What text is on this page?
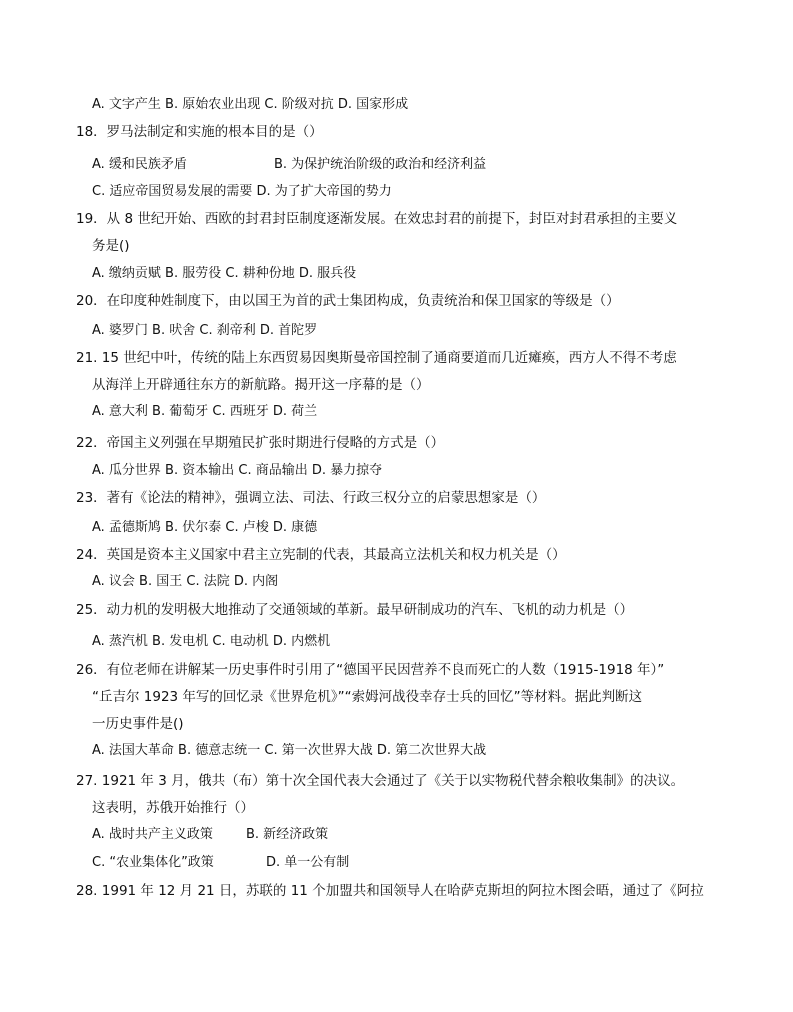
A. 文字产生 B. 原始农业出现 C. 阶级对抗 D. 国家形成
18．罗马法制定和实施的根本目的是（）
A. 缓和民族矛盾	B. 为保护统治阶级的政治和经济利益
C. 适应帝国贸易发展的需要 D. 为了扩大帝国的势力
19．从 8 世纪开始、西欧的封君封臣制度逐渐发展。在效忠封君的前提下，封臣对封君承担的主要义
务是()
A. 缴纳贡赋 B. 服劳役 C. 耕种份地 D. 服兵役
20．在印度种姓制度下，由以国王为首的武士集团构成，负责统治和保卫国家的等级是（）
A. 婆罗门 B. 吠舍 C. 刹帝利 D. 首陀罗
21. 15 世纪中叶，传统的陆上东西贸易因奥斯曼帝国控制了通商要道而几近瘫痪，西方人不得不考虑
从海洋上开辟通往东方的新航路。揭开这一序幕的是（）
A. 意大利 B. 葡萄牙 C. 西班牙 D. 荷兰
22．帝国主义列强在早期殖民扩张时期进行侵略的方式是（）
A. 瓜分世界 B. 资本输出 C. 商品输出 D. 暴力掠夺
23．著有《论法的精神》，强调立法、司法、行政三权分立的启蒙思想家是（）
A. 孟德斯鸠 B. 伏尔泰 C. 卢梭 D. 康德
24．英国是资本主义国家中君主立宪制的代表，其最高立法机关和权力机关是（）
A. 议会 B. 国王 C. 法院 D. 内阁
25．动力机的发明极大地推动了交通领域的革新。最早研制成功的汽车、飞机的动力机是（）
A. 蒸汽机 B. 发电机 C. 电动机 D. 内燃机
26．有位老师在讲解某一历史事件时引用了“德国平民因营养不良而死亡的人数（1915-1918 年）”
“丘吉尔 1923 年写的回忆录《世界危机》”“索姆河战役幸存士兵的回忆”等材料。据此判断这
一历史事件是()
A. 法国大革命 B. 德意志统一 C. 第一次世界大战 D. 第二次世界大战
27. 1921 年 3 月，俄共（布）第十次全国代表大会通过了《关于以实物税代替余粮收集制》的决议。
这表明，苏俄开始推行（）
A. 战时共产主义政策	B. 新经济政策
C. “农业集体化”政策	D. 单一公有制
28. 1991 年 12 月 21 日，苏联的 11 个加盟共和国领导人在哈萨克斯坦的阿拉木图会晤，通过了《阿拉
